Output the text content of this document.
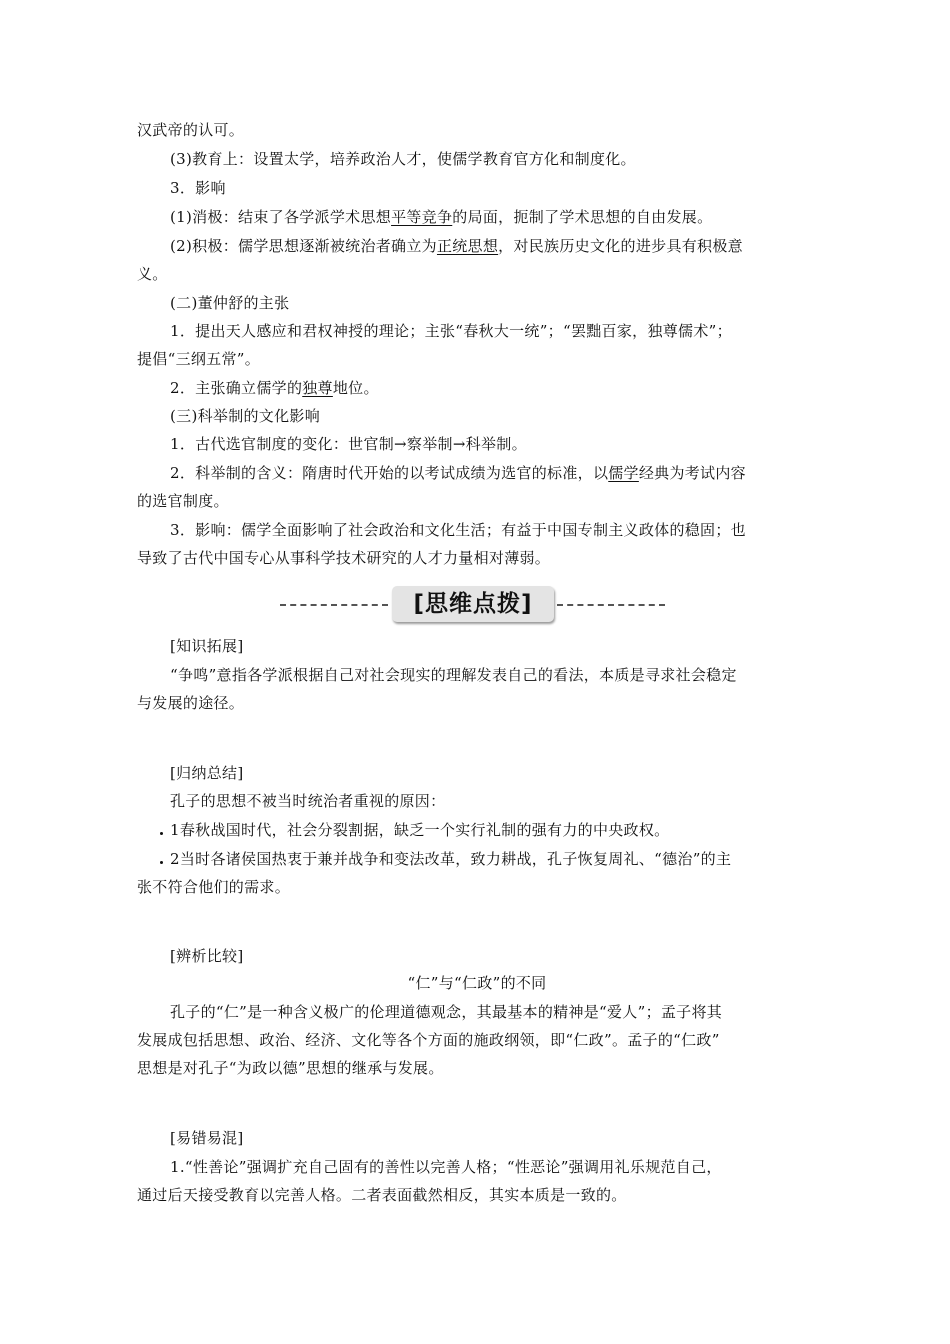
汉武帝的认可。
(3)教育上：设置太学，培养政治人才，使儒学教育官方化和制度化。
3．影响
(1)消极：结束了各学派学术思想平等竞争的局面，扼制了学术思想的自由发展。
(2)积极：儒学思想逐渐被统治者确立为正统思想，对民族历史文化的进步具有积极意
义。
(二)董仲舒的主张
1．提出天人感应和君权神授的理论；主张“春秋大一统”；“罢黜百家，独尊儒术”；
提倡“三纲五常”。
2．主张确立儒学的独尊地位。
(三)科举制的文化影响
1．古代选官制度的变化：世官制→察举制→科举制。
2．科举制的含义：隋唐时代开始的以考试成绩为选官的标准，以儒学经典为考试内容
的选官制度。
3．影响：儒学全面影响了社会政治和文化生活；有益于中国专制主义政体的稳固；也
导致了古代中国专心从事科学技术研究的人才力量相对薄弱。
[思维点拨]
[知识拓展]
“争鸣”意指各学派根据自己对社会现实的理解发表自己的看法，本质是寻求社会稳定
与发展的途径。
[归纳总结]
孔子的思想不被当时统治者重视的原因：
1春秋战国时代，社会分裂割据，缺乏一个实行礼制的强有力的中央政权。
2当时各诸侯国热衷于兼并战争和变法改革，致力耕战，孔子恢复周礼、“德治”的主
张不符合他们的需求。
[辨析比较]
“仁”与“仁政”的不同
孔子的“仁”是一种含义极广的伦理道德观念，其最基本的精神是“爱人”；孟子将其
发展成包括思想、政治、经济、文化等各个方面的施政纲领，即“仁政”。孟子的“仁政”
思想是对孔子“为政以德”思想的继承与发展。
[易错易混]
1.“性善论”强调扩充自己固有的善性以完善人格；“性恶论”强调用礼乐规范自己，
通过后天接受教育以完善人格。二者表面截然相反，其实本质是一致的。
